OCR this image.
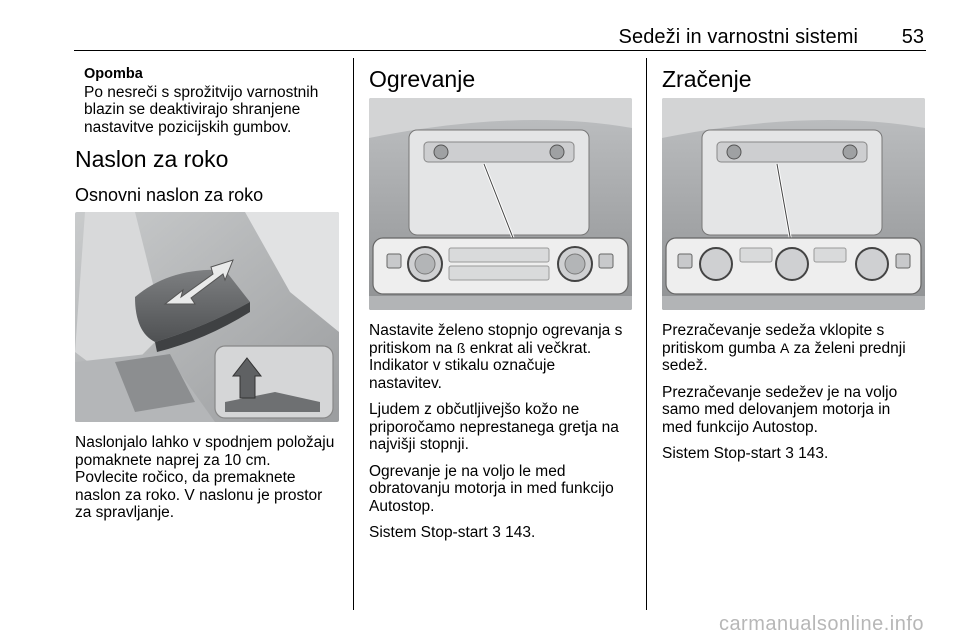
Sedeži in varnostni sistemi 53
Opomba
Po nesreči s sprožitvijo varnostnih
blazin se deaktivirajo shranjene
nastavitve pozicijskih gumbov.
Naslon za roko
Osnovni naslon za roko
Naslonjalo lahko v spodnjem položaju
pomaknete naprej za 10 cm.
Povlecite ročico, da premaknete
naslon za roko. V naslonu je prostor
za spravljanje.
Ogrevanje
Nastavite želeno stopnjo ogrevanja s
pritiskom na ß enkrat ali večkrat.
Indikator v stikalu označuje
nastavitev.
Ljudem z občutljivejšo kožo ne
priporočamo neprestanega gretja na
najvišji stopnji.
Ogrevanje je na voljo le med
obratovanju motorja in med funkcijo
Autostop.
Sistem Stop-start 3 143.
Zračenje
Prezračevanje sedeža vklopite s
pritiskom gumba A za želeni prednji
sedež.
Prezračevanje sedežev je na voljo
samo med delovanjem motorja in
med funkcijo Autostop.
Sistem Stop-start 3 143.
carmanualsonline.info
